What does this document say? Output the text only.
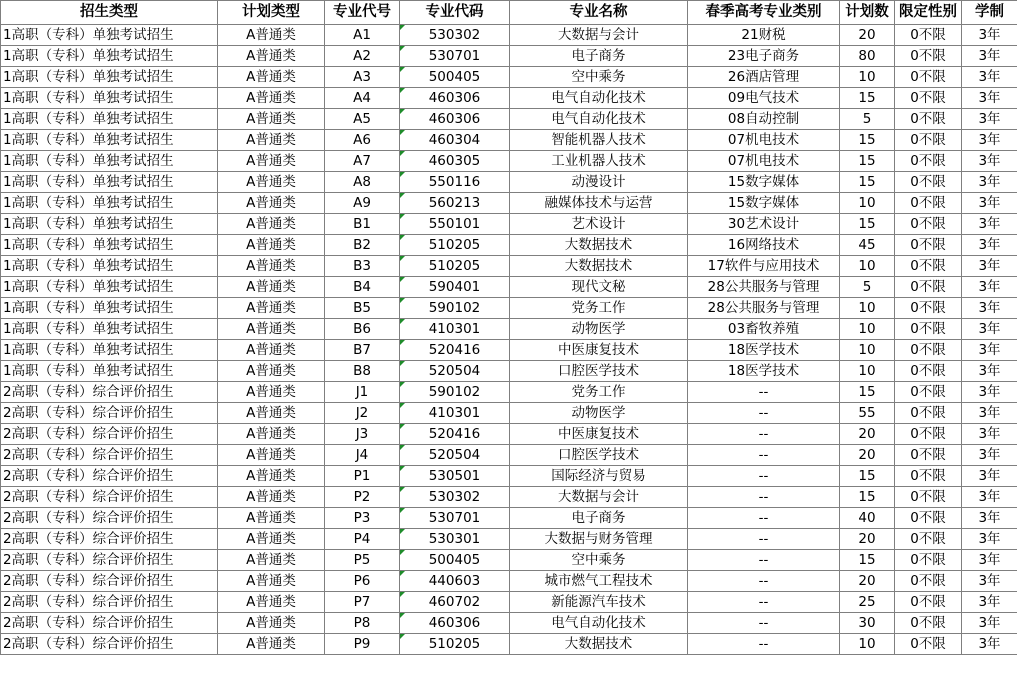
招生类型	计划类型	专业代号	专业代码	专业名称	春季高考专业类别	计划数	限定性别	学制
1高职（专科）单独考试招生	A普通类	A1	530302	大数据与会计	21财税	20	0不限	3年
1高职（专科）单独考试招生	A普通类	A2	530701	电子商务	23电子商务	80	0不限	3年
1高职（专科）单独考试招生	A普通类	A3	500405	空中乘务	26酒店管理	10	0不限	3年
1高职（专科）单独考试招生	A普通类	A4	460306	电气自动化技术	09电气技术	15	0不限	3年
1高职（专科）单独考试招生	A普通类	A5	460306	电气自动化技术	08自动控制	5	0不限	3年
1高职（专科）单独考试招生	A普通类	A6	460304	智能机器人技术	07机电技术	15	0不限	3年
1高职（专科）单独考试招生	A普通类	A7	460305	工业机器人技术	07机电技术	15	0不限	3年
1高职（专科）单独考试招生	A普通类	A8	550116	动漫设计	15数字媒体	15	0不限	3年
1高职（专科）单独考试招生	A普通类	A9	560213	融媒体技术与运营	15数字媒体	10	0不限	3年
1高职（专科）单独考试招生	A普通类	B1	550101	艺术设计	30艺术设计	15	0不限	3年
1高职（专科）单独考试招生	A普通类	B2	510205	大数据技术	16网络技术	45	0不限	3年
1高职（专科）单独考试招生	A普通类	B3	510205	大数据技术	17软件与应用技术	10	0不限	3年
1高职（专科）单独考试招生	A普通类	B4	590401	现代文秘	28公共服务与管理	5	0不限	3年
1高职（专科）单独考试招生	A普通类	B5	590102	党务工作	28公共服务与管理	10	0不限	3年
1高职（专科）单独考试招生	A普通类	B6	410301	动物医学	03畜牧养殖	10	0不限	3年
1高职（专科）单独考试招生	A普通类	B7	520416	中医康复技术	18医学技术	10	0不限	3年
1高职（专科）单独考试招生	A普通类	B8	520504	口腔医学技术	18医学技术	10	0不限	3年
2高职（专科）综合评价招生	A普通类	J1	590102	党务工作	--	15	0不限	3年
2高职（专科）综合评价招生	A普通类	J2	410301	动物医学	--	55	0不限	3年
2高职（专科）综合评价招生	A普通类	J3	520416	中医康复技术	--	20	0不限	3年
2高职（专科）综合评价招生	A普通类	J4	520504	口腔医学技术	--	20	0不限	3年
2高职（专科）综合评价招生	A普通类	P1	530501	国际经济与贸易	--	15	0不限	3年
2高职（专科）综合评价招生	A普通类	P2	530302	大数据与会计	--	15	0不限	3年
2高职（专科）综合评价招生	A普通类	P3	530701	电子商务	--	40	0不限	3年
2高职（专科）综合评价招生	A普通类	P4	530301	大数据与财务管理	--	20	0不限	3年
2高职（专科）综合评价招生	A普通类	P5	500405	空中乘务	--	15	0不限	3年
2高职（专科）综合评价招生	A普通类	P6	440603	城市燃气工程技术	--	20	0不限	3年
2高职（专科）综合评价招生	A普通类	P7	460702	新能源汽车技术	--	25	0不限	3年
2高职（专科）综合评价招生	A普通类	P8	460306	电气自动化技术	--	30	0不限	3年
2高职（专科）综合评价招生	A普通类	P9	510205	大数据技术	--	10	0不限	3年
